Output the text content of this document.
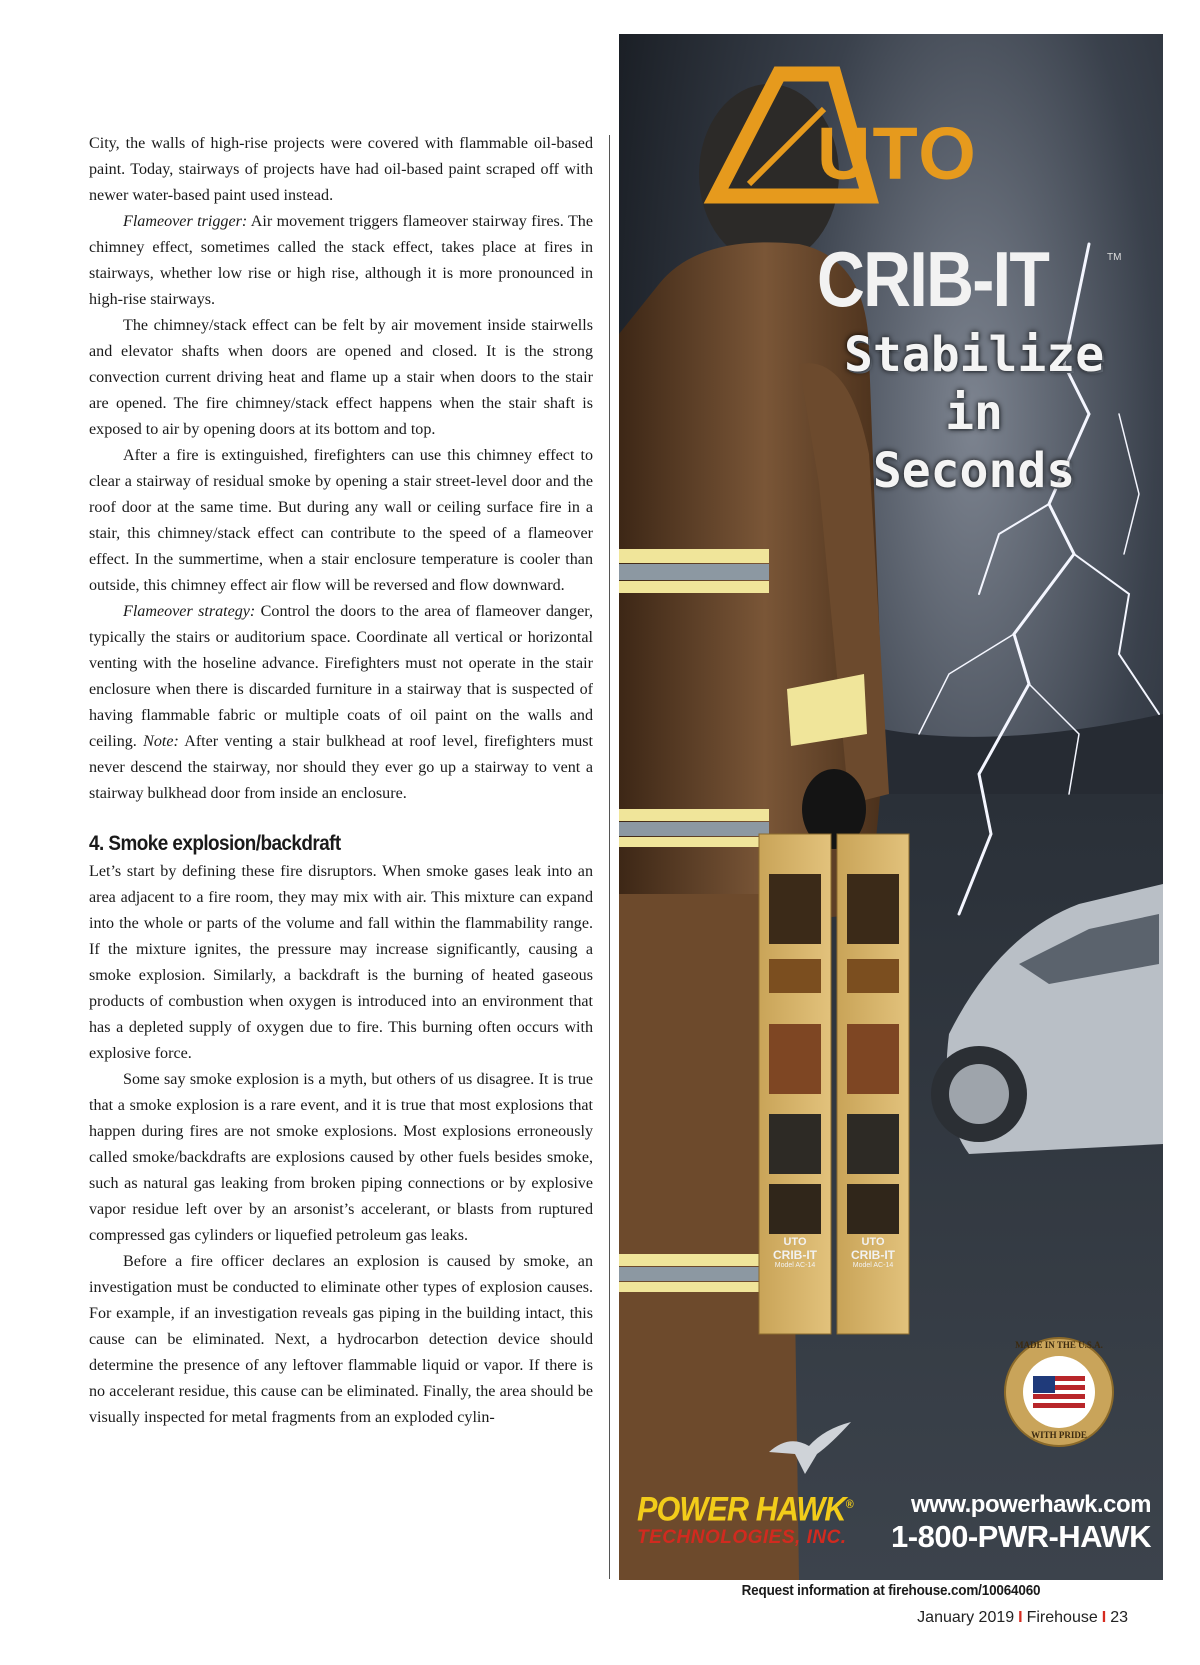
City, the walls of high-rise projects were covered with flammable oil-based paint. Today, stairways of projects have had oil-based paint scraped off with newer water-based paint used instead.

Flameover trigger: Air movement triggers flameover stairway fires. The chimney effect, sometimes called the stack effect, takes place at fires in stairways, whether low rise or high rise, although it is more pronounced in high-rise stairways.

The chimney/stack effect can be felt by air movement inside stairwells and elevator shafts when doors are opened and closed. It is the strong convection current driving heat and flame up a stair when doors to the stair are opened. The fire chimney/stack effect happens when the stair shaft is exposed to air by opening doors at its bottom and top.

After a fire is extinguished, firefighters can use this chimney effect to clear a stairway of residual smoke by opening a stair street-level door and the roof door at the same time. But during any wall or ceiling surface fire in a stair, this chimney/stack effect can contribute to the speed of a flameover effect. In the summertime, when a stair enclosure temperature is cooler than outside, this chimney effect air flow will be reversed and flow downward.

Flameover strategy: Control the doors to the area of flameover danger, typically the stairs or auditorium space. Coordinate all vertical or horizontal venting with the hoseline advance. Firefighters must not operate in the stair enclosure when there is discarded furniture in a stairway that is suspected of having flammable fabric or multiple coats of oil paint on the walls and ceiling. Note: After venting a stair bulkhead at roof level, firefighters must never descend the stairway, nor should they ever go up a stairway to vent a stairway bulkhead door from inside an enclosure.

4. Smoke explosion/backdraft

Let’s start by defining these fire disruptors. When smoke gases leak into an area adjacent to a fire room, they may mix with air. This mixture can expand into the whole or parts of the volume and fall within the flammability range. If the mixture ignites, the pressure may increase significantly, causing a smoke explosion. Similarly, a backdraft is the burning of heated gaseous products of combustion when oxygen is introduced into an environment that has a depleted supply of oxygen due to fire. This burning often occurs with explosive force.

Some say smoke explosion is a myth, but others of us disagree. It is true that a smoke explosion is a rare event, and it is true that most explosions that happen during fires are not smoke explosions. Most explosions erroneously called smoke/backdrafts are explosions caused by other fuels besides smoke, such as natural gas leaking from broken piping connections or by explosive vapor residue left over by an arsonist’s accelerant, or blasts from ruptured compressed gas cylinders or liquefied petroleum gas leaks.

Before a fire officer declares an explosion is caused by smoke, an investigation must be conducted to eliminate other types of explosion causes. For example, if an investigation reveals gas piping in the building intact, this cause can be eliminated. Next, a hydrocarbon detection device should determine the presence of any leftover flammable liquid or vapor. If there is no accelerant residue, this cause can be eliminated. Finally, the area should be visually inspected for metal fragments from an exploded cylin-

UTO
CRIB-IT	TM
Stabilize
in
Seconds
UTO
CRIB-IT
Model AC-14
UTO
CRIB-IT
Model AC-14
MADE IN THE U.S.A.
WITH PRIDE
POWER HAWK®
TECHNOLOGIES, INC.
www.powerhawk.com
1-800-PWR-HAWK
Request information at firehouse.com/10064060
January 2019 I Firehouse I 23
